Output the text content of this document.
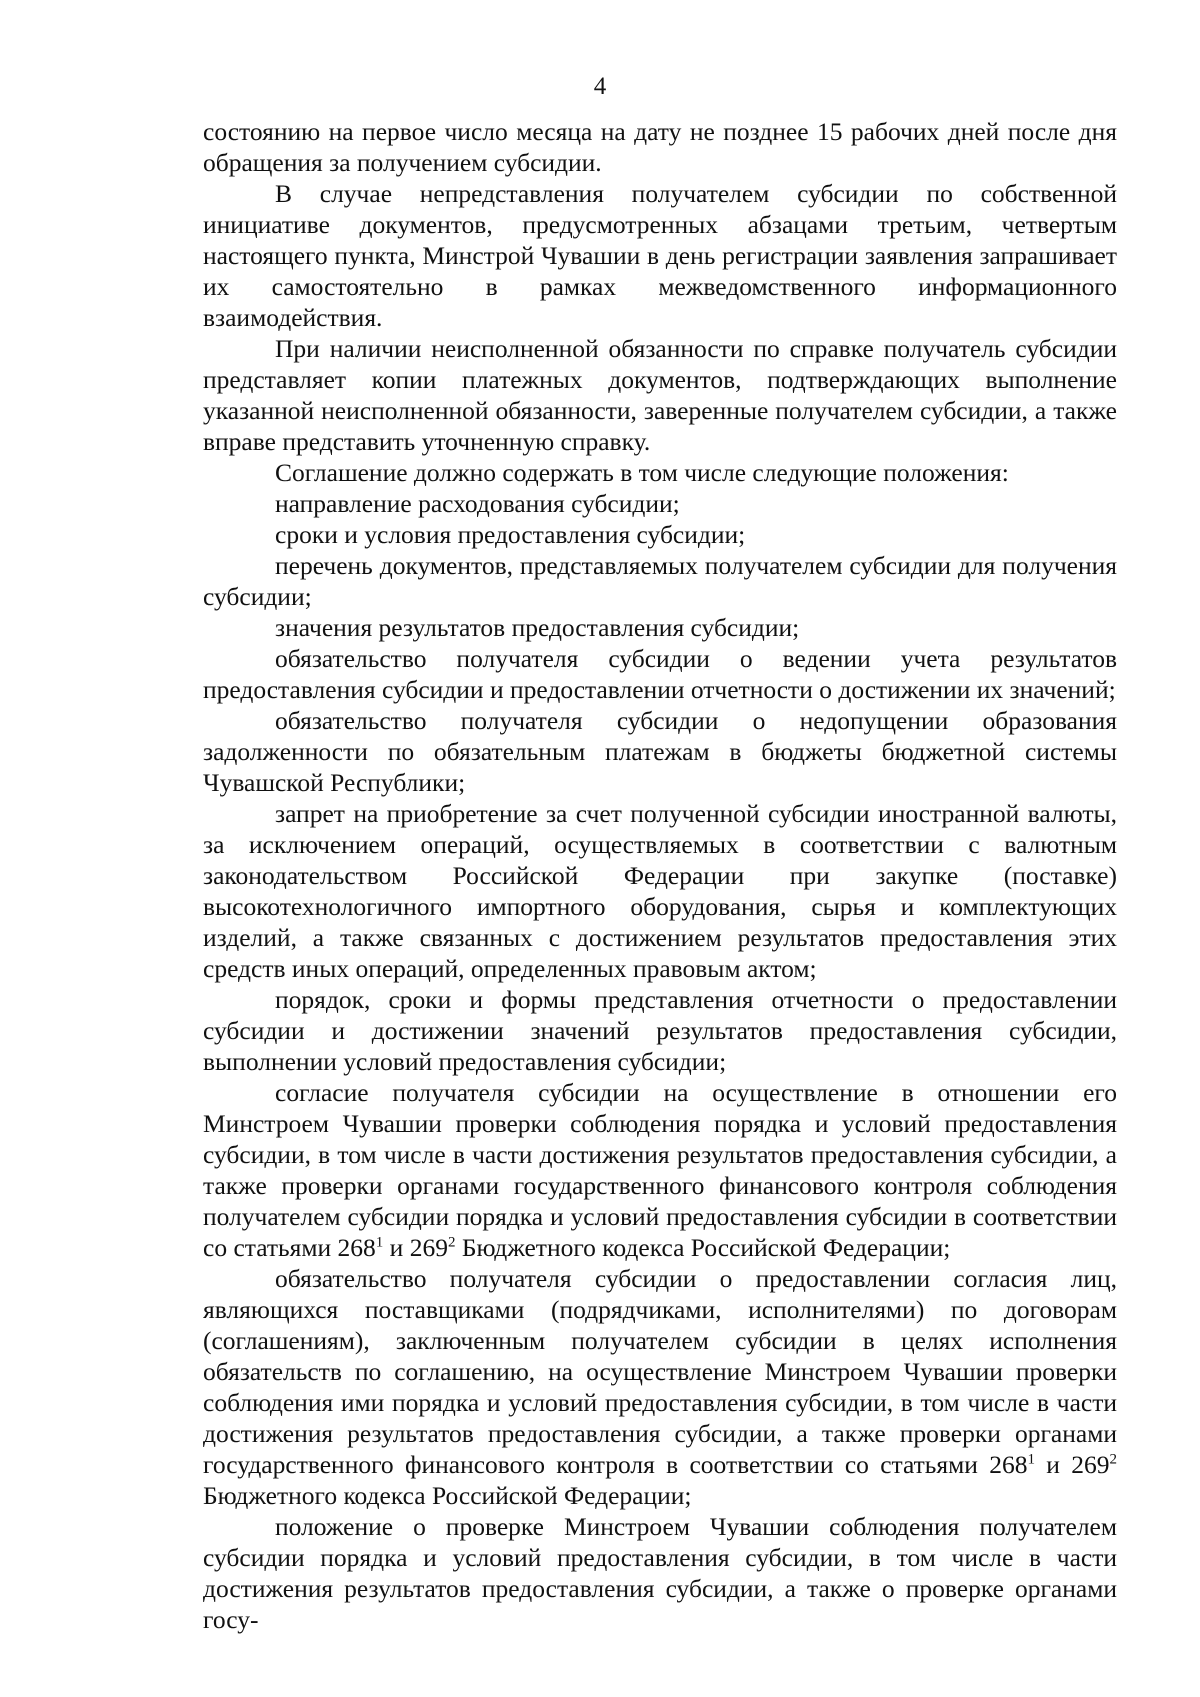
4

состоянию на первое число месяца на дату не позднее 15 рабочих дней после дня обращения за получением субсидии.

В случае непредставления получателем субсидии по собственной инициативе документов, предусмотренных абзацами третьим, четвертым настоящего пункта, Минстрой Чувашии в день регистрации заявления запрашивает их самостоятельно в рамках межведомственного информационного взаимодействия.

При наличии неисполненной обязанности по справке получатель субсидии представляет копии платежных документов, подтверждающих выполнение указанной неисполненной обязанности, заверенные получателем субсидии, а также вправе представить уточненную справку.

Соглашение должно содержать в том числе следующие положения:

направление расходования субсидии;

сроки и условия предоставления субсидии;

перечень документов, представляемых получателем субсидии для получения субсидии;

значения результатов предоставления субсидии;

обязательство получателя субсидии о ведении учета результатов предоставления субсидии и предоставлении отчетности о достижении их значений;

обязательство получателя субсидии о недопущении образования задолженности по обязательным платежам в бюджеты бюджетной системы Чувашской Республики;

запрет на приобретение за счет полученной субсидии иностранной валюты, за исключением операций, осуществляемых в соответствии с валютным законодательством Российской Федерации при закупке (поставке) высокотехнологичного импортного оборудования, сырья и комплектующих изделий, а также связанных с достижением результатов предоставления этих средств иных операций, определенных правовым актом;

порядок, сроки и формы представления отчетности о предоставлении субсидии и достижении значений результатов предоставления субсидии, выполнении условий предоставления субсидии;

согласие получателя субсидии на осуществление в отношении его Минстроем Чувашии проверки соблюдения порядка и условий предоставления субсидии, в том числе в части достижения результатов предоставления субсидии, а также проверки органами государственного финансового контроля соблюдения получателем субсидии порядка и условий предоставления субсидии в соответствии со статьями $268^1$ и $269^2$ Бюджетного кодекса Российской Федерации;

обязательство получателя субсидии о предоставлении согласия лиц, являющихся поставщиками (подрядчиками, исполнителями) по договорам (соглашениям), заключенным получателем субсидии в целях исполнения обязательств по соглашению, на осуществление Минстроем Чувашии проверки соблюдения ими порядка и условий предоставления субсидии, в том числе в части достижения результатов предоставления субсидии, а также проверки органами государственного финансового контроля в соответствии со статьями $268^1$ и $269^2$ Бюджетного кодекса Российской Федерации;

положение о проверке Минстроем Чувашии соблюдения получателем субсидии порядка и условий предоставления субсидии, в том числе в части достижения результатов предоставления субсидии, а также о проверке органами госу-
